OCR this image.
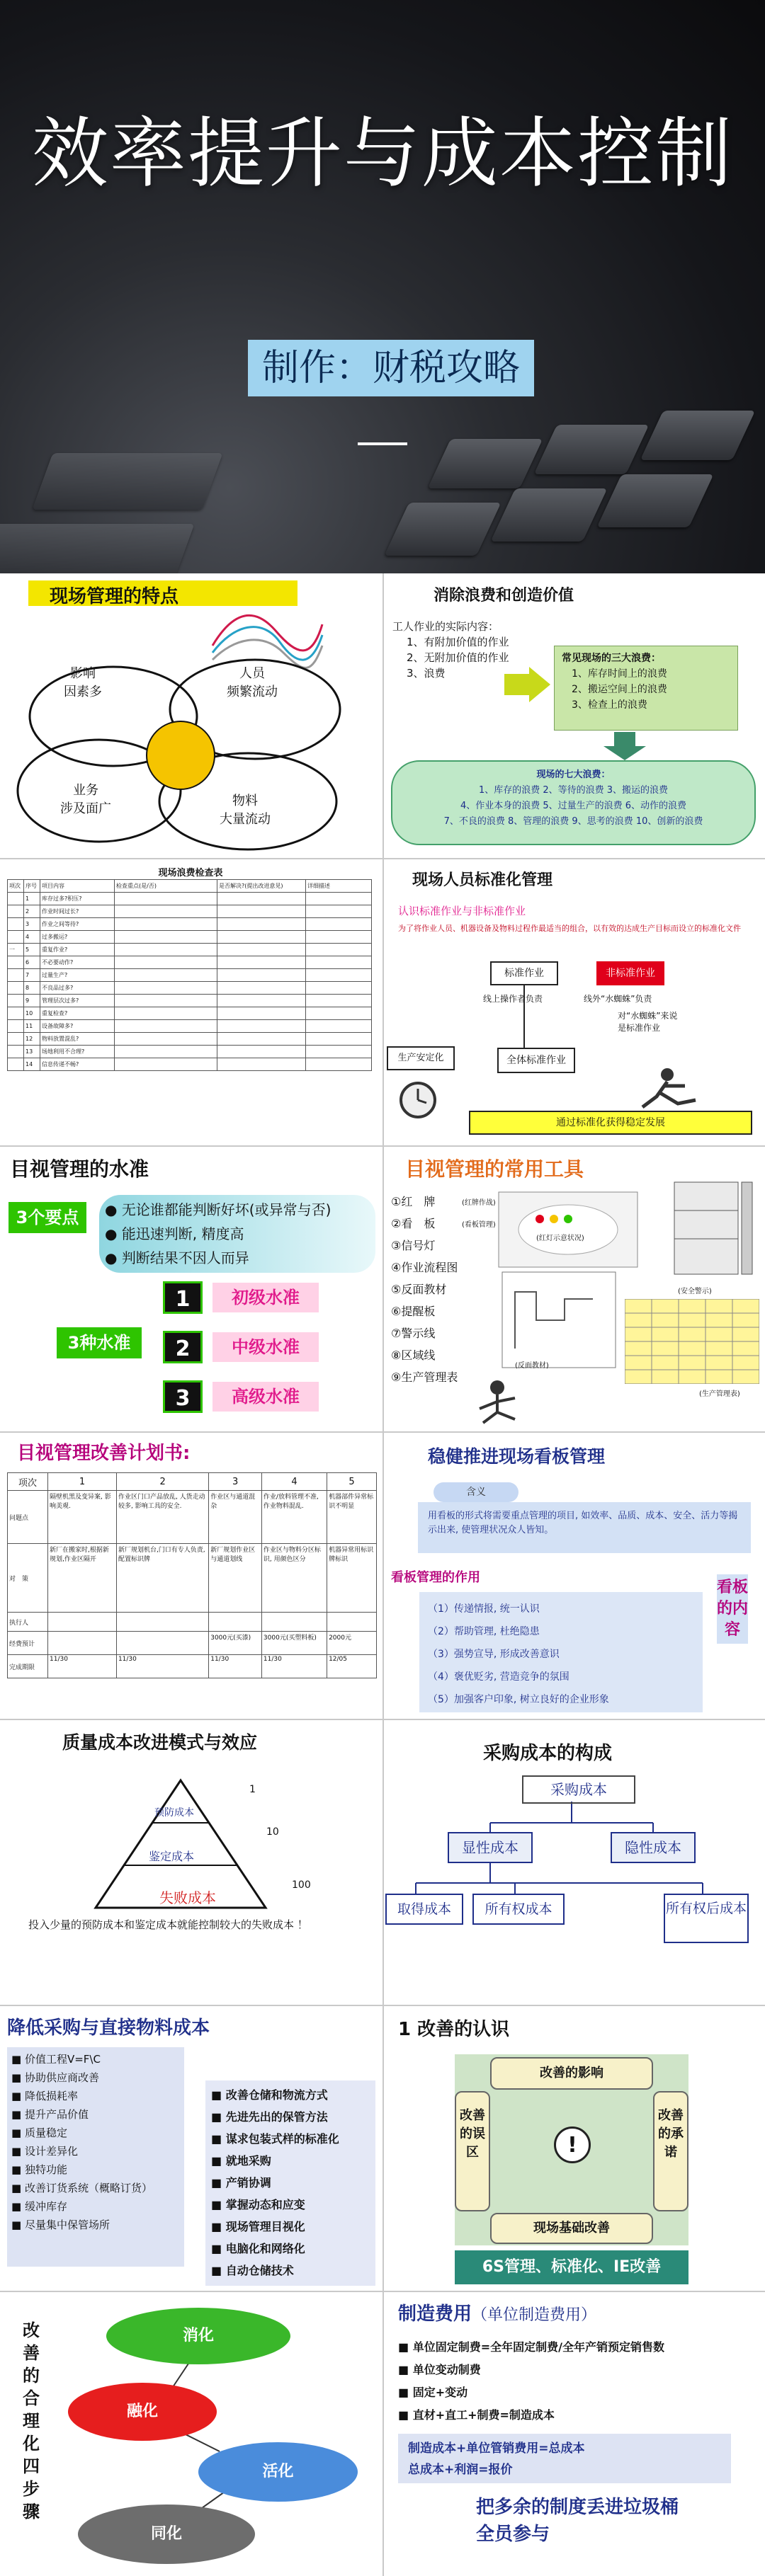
效率提升与成本控制
制作：财税攻略
现场管理的特点
影响
因素多
人员
频繁流动
业务
涉及面广
物料
大量流动
消除浪费和创造价值
工人作业的实际内容：
1、有附加价值的作业
2、无附加价值的作业
3、浪费
常见现场的三大浪费：
1、库存时间上的浪费
2、搬运空间上的浪费
3、检查上的浪费
现场的七大浪费：
1、库存的浪费 2、等待的浪费 3、搬运的浪费
4、作业本身的浪费 5、过量生产的浪费 6、动作的浪费
7、不良的浪费 8、管理的浪费 9、思考的浪费 10、创新的浪费
现场浪费检查表
项次	序号	项目内容	检查重点(是/否)	是否解决?(提出改进意见)	详细描述
	1	库存过多?积压?			
	2	作业时间过长?			
	3	作业之间等待?			
	4	过多搬运?			
一	5	重复作业?			
	6	不必要动作?			
	7	过量生产?			
	8	不良品过多?			
	9	管理层次过多?			
	10	重复检查?			
	11	设备故障多?			
	12	物料放置混乱?			
	13	场地利用不合理?			
	14	信息传递不畅?			
现场人员标准化管理
认识标准作业与非标准作业
为了将作业人员、机器设备及物料过程作最适当的组合，以有效的达成生产目标而设立的标准化文件
标准作业	非标准作业
线上操作者负责	线外“水蜘蛛”负责
对“水蜘蛛”来说
是标准作业
全体标准作业
生产安定化
通过标准化获得稳定发展
目视管理的水准
3个要点	● 无论谁都能判断好坏(或异常与否)
● 能迅速判断, 精度高
● 判断结果不因人而异
3种水准
1	初级水准
2	中级水准
3	高级水准
目视管理的常用工具
①红　牌
②看　板
③信号灯
④作业流程图
⑤反面教材
⑥提醒板
⑦警示线
⑧区域线
⑨生产管理表
(红牌作战)
(看板管理)
(红灯示意状况)
(反面教材)
(安全警示)
(生产管理表)
目视管理改善计划书:
项次	1	2	3	4	5
问题点	隔壁机黑及变异案, 影响美观.	作业区门口产品放乱, 人货走动较多, 影响工具的安全.	作业区与通道混杂	作业/放料管理不准, 作业物料混乱.	机器部件异常标识不明显
对　策	新厂在搬家时,根据新规划,作业区隔开	新厂规划机台,门口有专人负责,配置标识牌	新厂规划作业区与通道划线	作业区与物料分区标识, 用颜色区分	机器异常用标识牌标识
执行人					
经费预计			3000元(买漆)	3000元(买塑料板)	2000元
完成期限	11/30	11/30	11/30	11/30	12/05
稳健推进现场看板管理
含义
用看板的形式将需要重点管理的项目, 如效率、品质、成本、安全、活力等揭示出来, 使管理状况众人皆知。
看板管理的作用
（1）传递情报, 统一认识
（2）帮助管理, 杜绝隐患
（3）强势宣导, 形成改善意识
（4）褒优贬劣, 营造竞争的氛围
（5）加强客户印象, 树立良好的企业形象
看板的内容
质量成本改进模式与效应
预防成本
鉴定成本
失败成本
1
10
100
投入少量的预防成本和鉴定成本就能控制较大的失败成本 ！
采购成本的构成
采购成本
显性成本	隐性成本
取得成本	所有权成本	所有权后成本
降低采购与直接物料成本
■ 价值工程V=F\C
■ 协助供应商改善
■ 降低损耗率
■ 提升产品价值
■ 质量稳定
■ 设计差异化
■ 独特功能
■ 改善订货系统（概略订货）
■ 缓冲库存
■ 尽量集中保管场所
■ 改善仓储和物流方式
■ 先进先出的保管方法
■ 谋求包装式样的标准化
■ 就地采购
■ 产销协调
■ 掌握动态和应变
■ 现场管理目视化
■ 电脑化和网络化
■ 自动仓储技术
1 改善的认识
改善的影响
改善的误区
改善的承诺
!
现场基础改善
6S管理、标准化、IE改善
改善的合理化四步骤
消化
融化
活化
同化
制造费用（单位制造费用）
■ 单位固定制费=全年固定制费/全年产销预定销售数
■ 单位变动制费
■ 固定+变动
■ 直材+直工+制费=制造成本
制造成本+单位管销费用=总成本
总成本+利润=报价
把多余的制度丢进垃圾桶
全员参与
